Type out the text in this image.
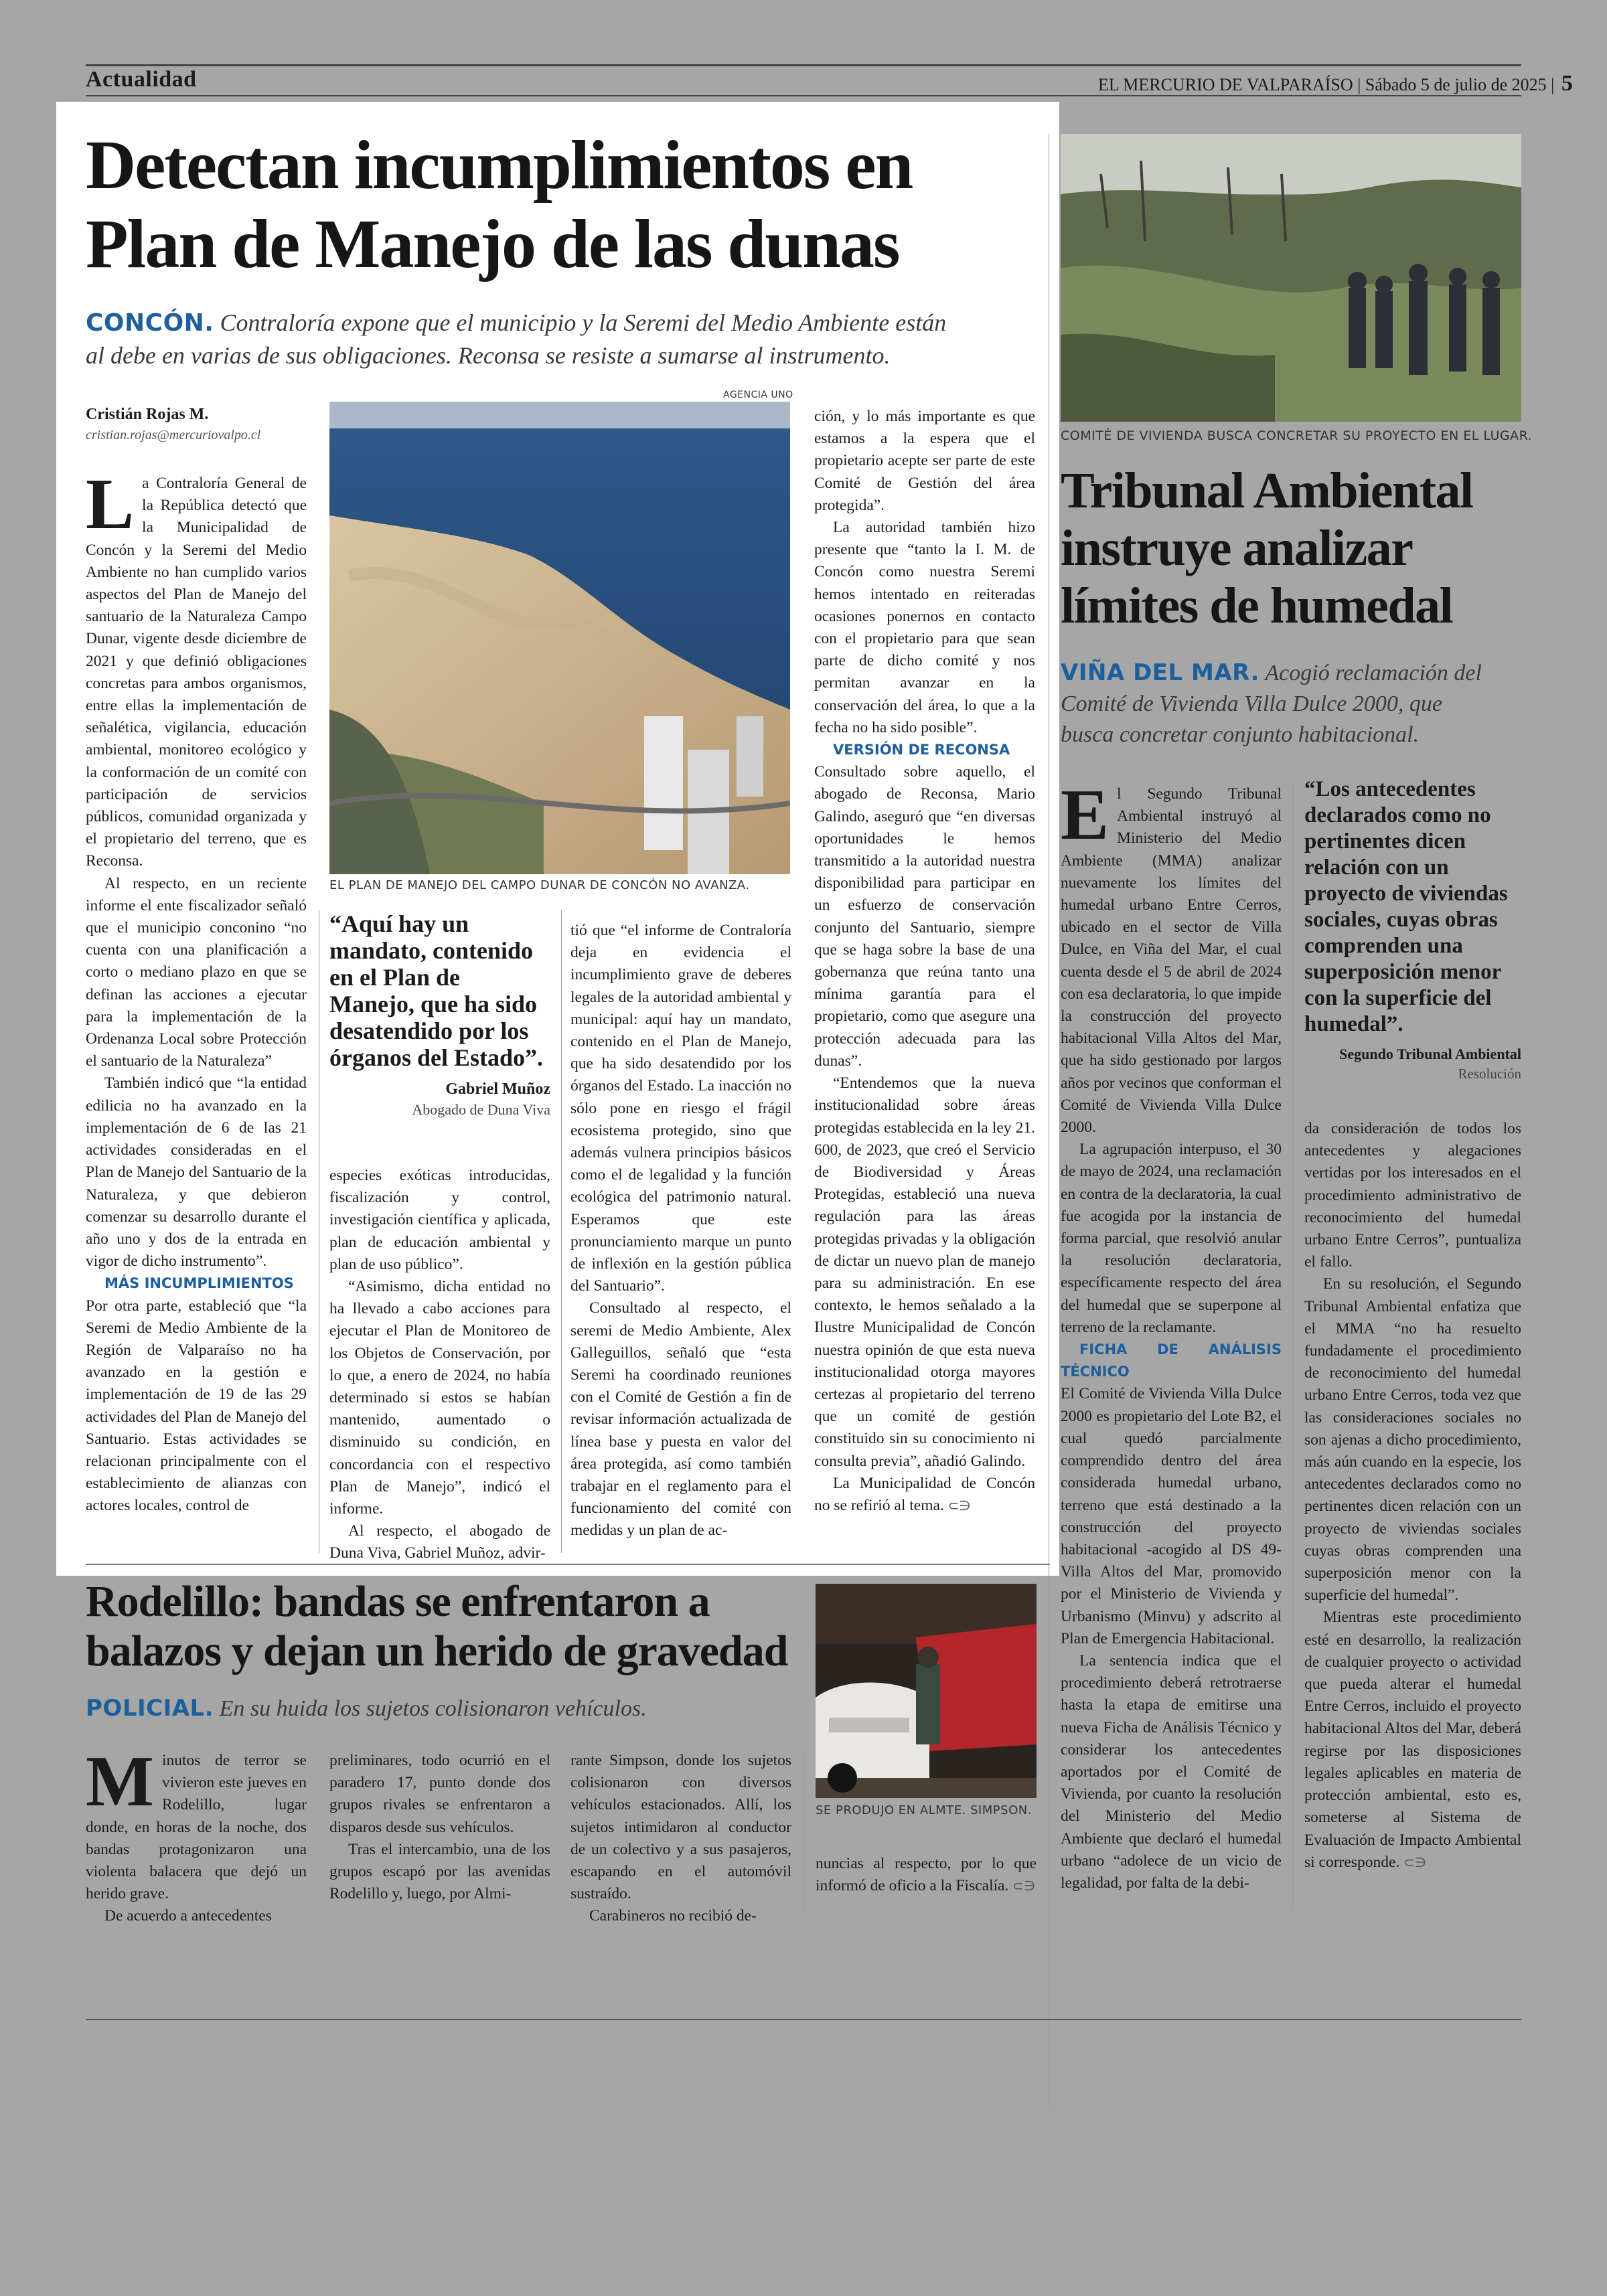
Actualidad	EL MERCURIO DE VALPARAÍSO | Sábado 5 de julio de 2025 | 5
Detectan incumplimientos en
Plan de Manejo de las dunas
CONCÓN. Contraloría expone que el municipio y la Seremi del Medio Ambiente están
al debe en varias de sus obligaciones. Reconsa se resiste a sumarse al instrumento.
Cristián Rojas M.
cristian.rojas@mercuriovalpo.cl
AGENCIA UNO
EL PLAN DE MANEJO DEL CAMPO DUNAR DE CONCÓN NO AVANZA.

La Contraloría General de la República detectó que la Municipalidad de Concón y la Seremi del Medio Ambiente no han cumplido varios aspectos del Plan de Manejo del santuario de la Naturaleza Campo Dunar, vigente desde diciembre de 2021 y que definió obligaciones concretas para ambos organismos, entre ellas la implementación de señalética, vigilancia, educación ambiental, monitoreo ecológico y la conformación de un comité con participación de servicios públicos, comunidad organizada y el propietario del terreno, que es Reconsa.

Al respecto, en un reciente informe el ente fiscalizador señaló que el municipio conconino “no cuenta con una planificación a corto o mediano plazo en que se definan las acciones a ejecutar para la implementación de la Ordenanza Local sobre Protección el santuario de la Naturaleza”

También indicó que “la entidad edilicia no ha avanzado en la implementación de 6 de las 21 actividades consideradas en el Plan de Manejo del Santuario de la Naturaleza, y que debieron comenzar su desarrollo durante el año uno y dos de la entrada en vigor de dicho instrumento”.

MÁS INCUMPLIMIENTOS

Por otra parte, estableció que “la Seremi de Medio Ambiente de la Región de Valparaíso no ha avanzado en la gestión e implementación de 19 de las 29 actividades del Plan de Manejo del Santuario. Estas actividades se relacionan principalmente con el establecimiento de alianzas con actores locales, control de

“Aquí hay un mandato, contenido en el Plan de Manejo, que ha sido desatendido por los órganos del Estado”.
Gabriel Muñoz
Abogado de Duna Viva

especies exóticas introducidas, fiscalización y control, investigación científica y aplicada, plan de educación ambiental y plan de uso público”.

“Asimismo, dicha entidad no ha llevado a cabo acciones para ejecutar el Plan de Monitoreo de los Objetos de Conservación, por lo que, a enero de 2024, no había determinado si estos se habían mantenido, aumentado o disminuido su condición, en concordancia con el respectivo Plan de Manejo”, indicó el informe.

Al respecto, el abogado de Duna Viva, Gabriel Muñoz, advir-

tió que “el informe de Contraloría deja en evidencia el incumplimiento grave de deberes legales de la autoridad ambiental y municipal: aquí hay un mandato, contenido en el Plan de Manejo, que ha sido desatendido por los órganos del Estado. La inacción no sólo pone en riesgo el frágil ecosistema protegido, sino que además vulnera principios básicos como el de legalidad y la función ecológica del patrimonio natural. Esperamos que este pronunciamiento marque un punto de inflexión en la gestión pública del Santuario”.

Consultado al respecto, el seremi de Medio Ambiente, Alex Galleguillos, señaló que “esta Seremi ha coordinado reuniones con el Comité de Gestión a fin de revisar información actualizada de línea base y puesta en valor del área protegida, así como también trabajar en el reglamento para el funcionamiento del comité con medidas y un plan de ac-

ción, y lo más importante es que estamos a la espera que el propietario acepte ser parte de este Comité de Gestión del área protegida”.

La autoridad también hizo presente que “tanto la I. M. de Concón como nuestra Seremi hemos intentado en reiteradas ocasiones ponernos en contacto con el propietario para que sean parte de dicho comité y nos permitan avanzar en la conservación del área, lo que a la fecha no ha sido posible”.

VERSIÓN DE RECONSA

Consultado sobre aquello, el abogado de Reconsa, Mario Galindo, aseguró que “en diversas oportunidades le hemos transmitido a la autoridad nuestra disponibilidad para participar en un esfuerzo de conservación conjunto del Santuario, siempre que se haga sobre la base de una gobernanza que reúna tanto una mínima garantía para el propietario, como que asegure una protección adecuada para las dunas”.

“Entendemos que la nueva institucionalidad sobre áreas protegidas establecida en la ley 21. 600, de 2023, que creó el Servicio de Biodiversidad y Áreas Protegidas, estableció una nueva regulación para las áreas protegidas privadas y la obligación de dictar un nuevo plan de manejo para su administración. En ese contexto, le hemos señalado a la Ilustre Municipalidad de Concón nuestra opinión de que esta nueva institucionalidad otorga mayores certezas al propietario del terreno que un comité de gestión constituido sin su conocimiento ni consulta previa”, añadió Galindo.

La Municipalidad de Concón no se refirió al tema. ⊂∋

COMITÉ DE VIVIENDA BUSCA CONCRETAR SU PROYECTO EN EL LUGAR.
Tribunal Ambiental
instruye analizar
límites de humedal
VIÑA DEL MAR. Acogió reclamación del
Comité de Vivienda Villa Dulce 2000, que
busca concretar conjunto habitacional.

El Segundo Tribunal Ambiental instruyó al Ministerio del Medio Ambiente (MMA) analizar nuevamente los límites del humedal urbano Entre Cerros, ubicado en el sector de Villa Dulce, en Viña del Mar, el cual cuenta desde el 5 de abril de 2024 con esa declaratoria, lo que impide la construcción del proyecto habitacional Villa Altos del Mar, que ha sido gestionado por largos años por vecinos que conforman el Comité de Vivienda Villa Dulce 2000.

La agrupación interpuso, el 30 de mayo de 2024, una reclamación en contra de la declaratoria, la cual fue acogida por la instancia de forma parcial, que resolvió anular la resolución declaratoria, específicamente respecto del área del humedal que se superpone al terreno de la reclamante.

FICHA DE ANÁLISIS TÉCNICO

El Comité de Vivienda Villa Dulce 2000 es propietario del Lote B2, el cual quedó parcialmente comprendido dentro del área considerada humedal urbano, terreno que está destinado a la construcción del proyecto habitacional -acogido al DS 49- Villa Altos del Mar, promovido por el Ministerio de Vivienda y Urbanismo (Minvu) y adscrito al Plan de Emergencia Habitacional.

La sentencia indica que el procedimiento deberá retrotraerse hasta la etapa de emitirse una nueva Ficha de Análisis Técnico y considerar los antecedentes aportados por el Comité de Vivienda, por cuanto la resolución del Ministerio del Medio Ambiente que declaró el humedal urbano “adolece de un vicio de legalidad, por falta de la debi-

“Los antecedentes declarados como no pertinentes dicen relación con un proyecto de viviendas sociales, cuyas obras comprenden una superposición menor con la superficie del humedal”.
Segundo Tribunal Ambiental
Resolución

da consideración de todos los antecedentes y alegaciones vertidas por los interesados en el procedimiento administrativo de reconocimiento del humedal urbano Entre Cerros”, puntualiza el fallo.

En su resolución, el Segundo Tribunal Ambiental enfatiza que el MMA “no ha resuelto fundadamente el procedimiento de reconocimiento del humedal urbano Entre Cerros, toda vez que las consideraciones sociales no son ajenas a dicho procedimiento, más aún cuando en la especie, los antecedentes declarados como no pertinentes dicen relación con un proyecto de viviendas sociales cuyas obras comprenden una superposición menor con la superficie del humedal”.

Mientras este procedimiento esté en desarrollo, la realización de cualquier proyecto o actividad que pueda alterar el humedal Entre Cerros, incluido el proyecto habitacional Altos del Mar, deberá regirse por las disposiciones legales aplicables en materia de protección ambiental, esto es, someterse al Sistema de Evaluación de Impacto Ambiental si corresponde. ⊂∋

Rodelillo: bandas se enfrentaron a
balazos y dejan un herido de gravedad
POLICIAL. En su huida los sujetos colisionaron vehículos.

Minutos de terror se vivieron este jueves en Rodelillo, lugar donde, en horas de la noche, dos bandas protagonizaron una violenta balacera que dejó un herido grave.

De acuerdo a antecedentes

preliminares, todo ocurrió en el paradero 17, punto donde dos grupos rivales se enfrentaron a disparos desde sus vehículos.

Tras el intercambio, una de los grupos escapó por las avenidas Rodelillo y, luego, por Almi-

rante Simpson, donde los sujetos colisionaron con diversos vehículos estacionados. Allí, los sujetos intimidaron al conductor de un colectivo y a sus pasajeros, escapando en el automóvil sustraído.

Carabineros no recibió de-

SE PRODUJO EN ALMTE. SIMPSON.

nuncias al respecto, por lo que informó de oficio a la Fiscalía. ⊂∋
